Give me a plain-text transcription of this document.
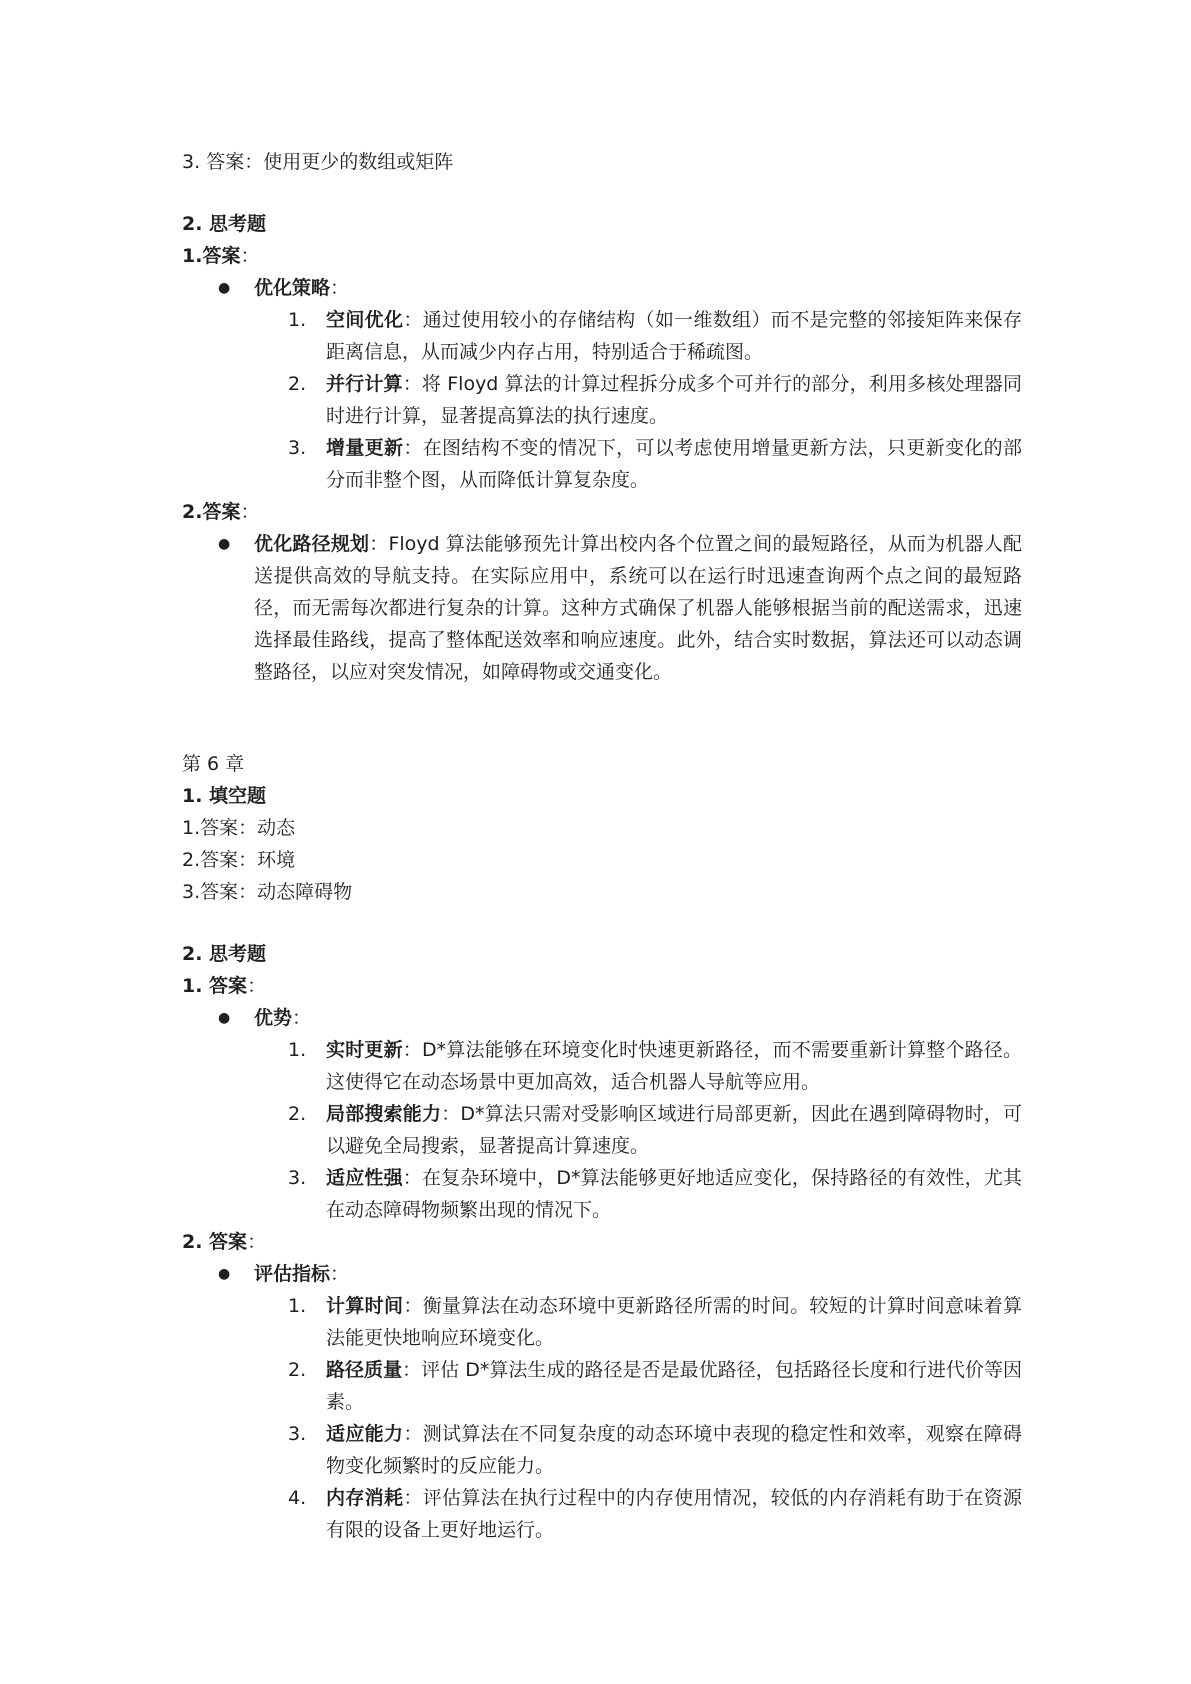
3. 答案：使用更少的数组或矩阵

2. 思考题

1.答案：

● 优化策略：
1. 空间优化：通过使用较小的存储结构（如一维数组）而不是完整的邻接矩阵来保存距离信息，从而减少内存占用，特别适合于稀疏图。
2. 并行计算：将 Floyd 算法的计算过程拆分成多个可并行的部分，利用多核处理器同时进行计算，显著提高算法的执行速度。
3. 增量更新：在图结构不变的情况下，可以考虑使用增量更新方法，只更新变化的部分而非整个图，从而降低计算复杂度。

2.答案：

● 优化路径规划：Floyd 算法能够预先计算出校内各个位置之间的最短路径，从而为机器人配送提供高效的导航支持。在实际应用中，系统可以在运行时迅速查询两个点之间的最短路径，而无需每次都进行复杂的计算。这种方式确保了机器人能够根据当前的配送需求，迅速选择最佳路线，提高了整体配送效率和响应速度。此外，结合实时数据，算法还可以动态调整路径，以应对突发情况，如障碍物或交通变化。

第 6 章

1. 填空题

1.答案：动态

2.答案：环境

3.答案：动态障碍物

2. 思考题

1. 答案：

● 优势：
1. 实时更新：D*算法能够在环境变化时快速更新路径，而不需要重新计算整个路径。这使得它在动态场景中更加高效，适合机器人导航等应用。
2. 局部搜索能力：D*算法只需对受影响区域进行局部更新，因此在遇到障碍物时，可以避免全局搜索，显著提高计算速度。
3. 适应性强：在复杂环境中，D*算法能够更好地适应变化，保持路径的有效性，尤其在动态障碍物频繁出现的情况下。

2. 答案：

● 评估指标：
1. 计算时间：衡量算法在动态环境中更新路径所需的时间。较短的计算时间意味着算法能更快地响应环境变化。
2. 路径质量：评估 D*算法生成的路径是否是最优路径，包括路径长度和行进代价等因素。
3. 适应能力：测试算法在不同复杂度的动态环境中表现的稳定性和效率，观察在障碍物变化频繁时的反应能力。
4. 内存消耗：评估算法在执行过程中的内存使用情况，较低的内存消耗有助于在资源有限的设备上更好地运行。
